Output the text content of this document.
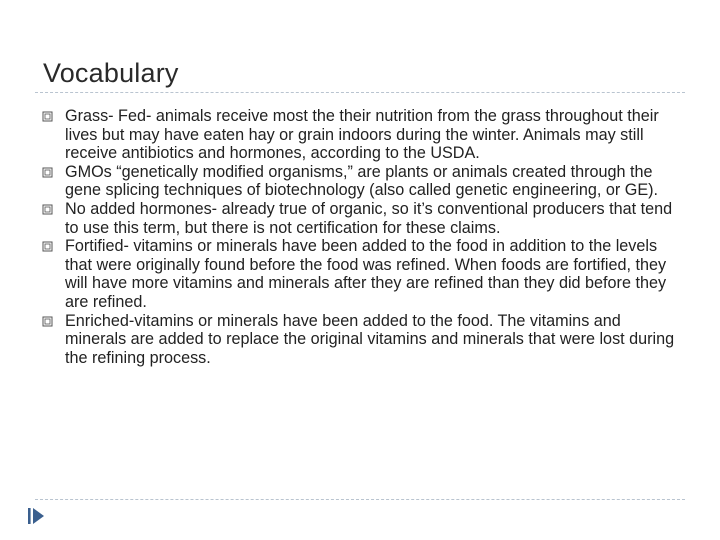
Vocabulary
Grass- Fed- animals receive most the their nutrition from the grass throughout their lives but may have eaten hay or grain indoors during the winter. Animals may still receive antibiotics and hormones, according to the USDA.
GMOs “genetically modified organisms,” are plants or animals created through the gene splicing techniques of biotechnology (also called genetic engineering, or GE).
No added hormones- already true of organic, so it’s conventional producers that tend to use this term, but there is not certification for these claims.
Fortified- vitamins or minerals have been added to the food in addition to the levels that were originally found before the food was refined. When foods are fortified, they will have more vitamins and minerals after they are refined than they did before they are refined.
Enriched-vitamins or minerals have been added to the food. The vitamins and minerals are added to replace the original vitamins and minerals that were lost during the refining process.
